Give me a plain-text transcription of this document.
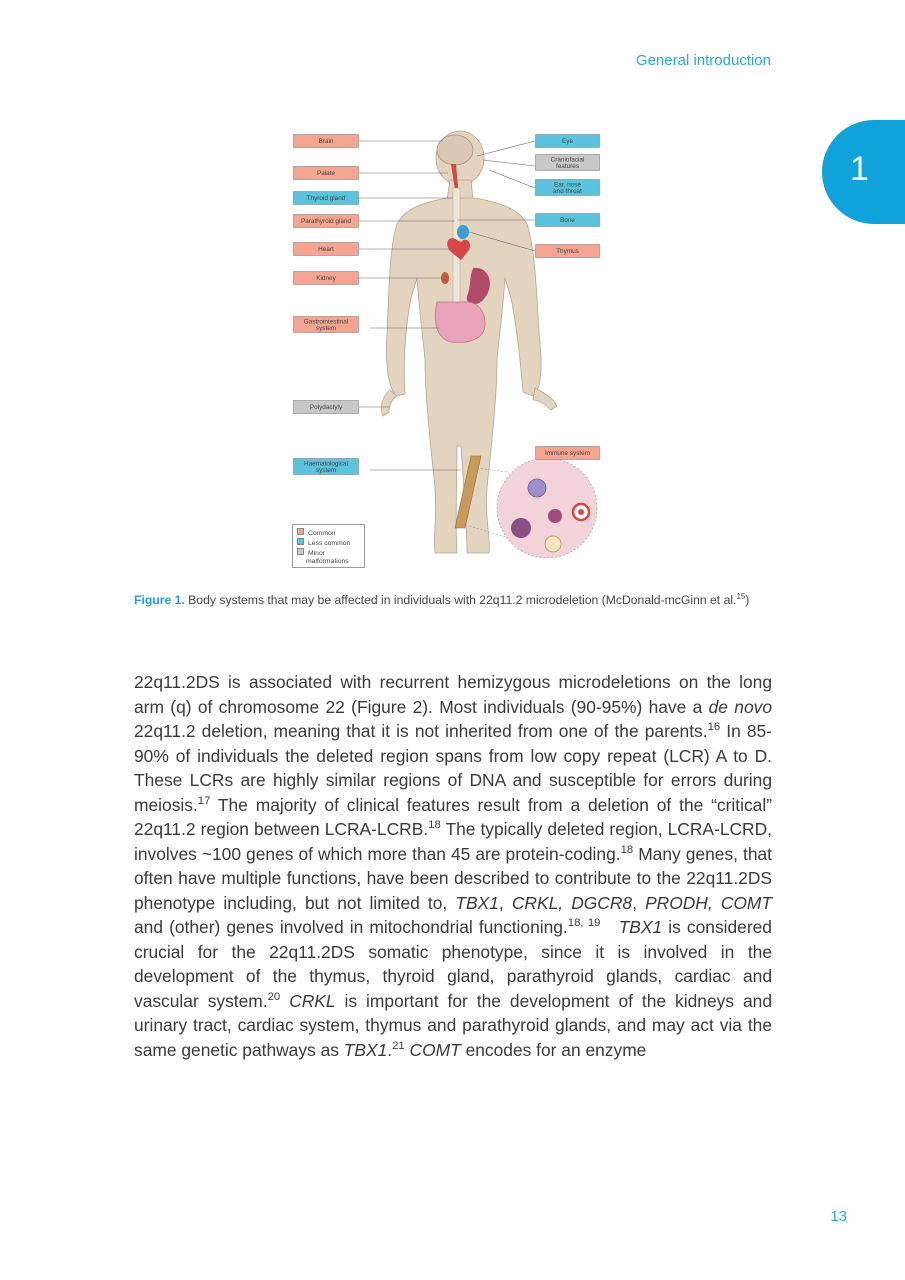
General introduction
1
Brain
Palate
Thyroid gland
Parathyroid gland
Heart
Kidney
Gastrointestinal
system
Polydactyly
Haematological
system
Eye
Craniofacial
features
Ear, nose
and throat
Bone
Thymus
Immune system
Common
Less common
Minor
malformations
Figure 1. Body systems that may be affected in individuals with 22q11.2 microdeletion (McDonald-mcGinn et al.$^{15}$)

22q11.2DS is associated with recurrent hemizygous microdeletions on the long arm (q) of chromosome 22 (Figure 2). Most individuals (90-95%) have a de novo 22q11.2 deletion, meaning that it is not inherited from one of the parents.$^{16}$ In 85-90% of individuals the deleted region spans from low copy repeat (LCR) A to D. These LCRs are highly similar regions of DNA and susceptible for errors during meiosis.$^{17}$ The majority of clinical features result from a deletion of the “critical” 22q11.2 region between LCRA-LCRB.$^{18}$ The typically deleted region, LCRA-LCRD, involves ~100 genes of which more than 45 are protein-coding.$^{18}$ Many genes, that often have multiple functions, have been described to contribute to the 22q11.2DS phenotype including, but not limited to, TBX1, CRKL, DGCR8, PRODH, COMT and (other) genes involved in mitochondrial functioning.$^{18, 19}$ TBX1 is considered crucial for the 22q11.2DS somatic phenotype, since it is involved in the development of the thymus, thyroid gland, parathyroid glands, cardiac and vascular system.$^{20}$ CRKL is important for the development of the kidneys and urinary tract, cardiac system, thymus and parathyroid glands, and may act via the same genetic pathways as TBX1.21 COMT encodes for an enzyme

13
